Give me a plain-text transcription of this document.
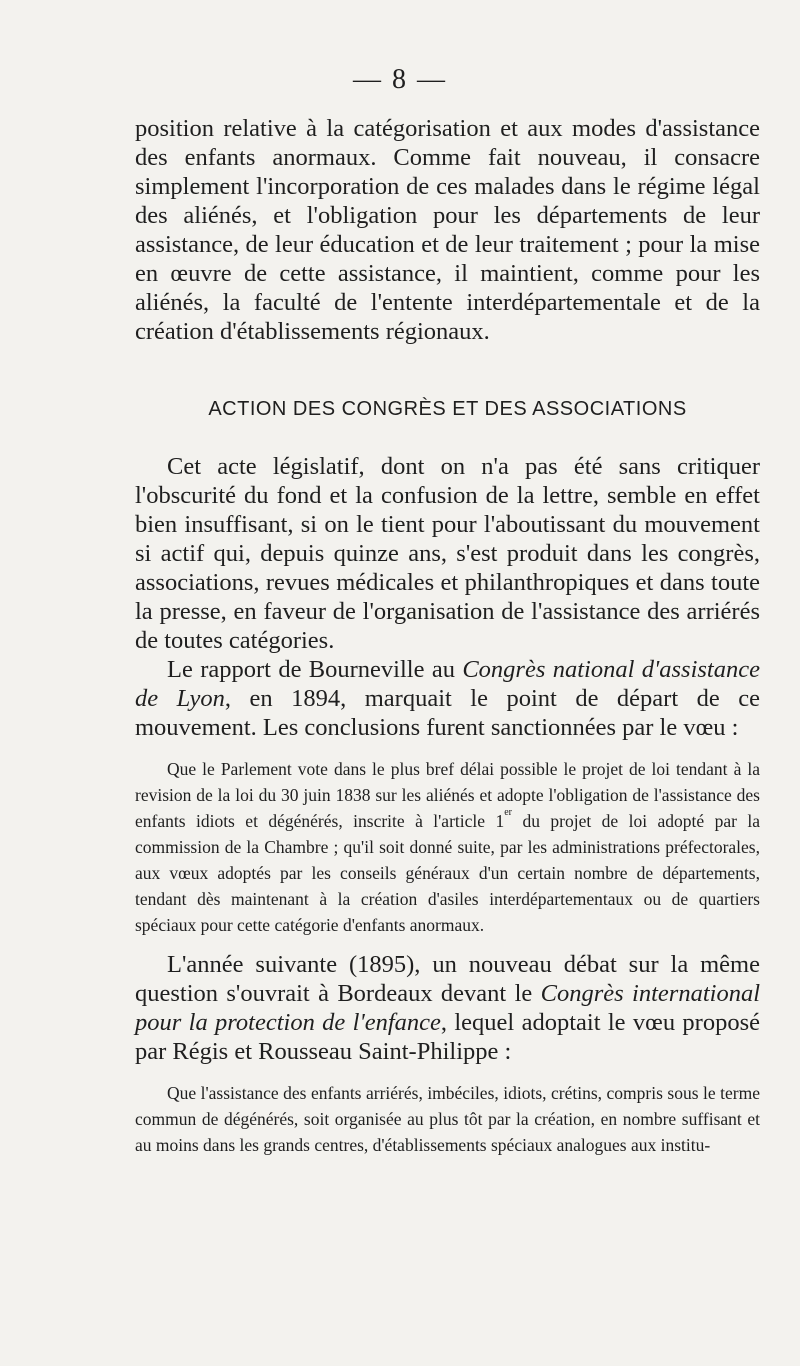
— 8 —

position relative à la catégorisation et aux modes d'assistance des enfants anormaux. Comme fait nouveau, il consacre simplement l'incorporation de ces malades dans le régime légal des aliénés, et l'obligation pour les départements de leur assistance, de leur éducation et de leur traitement ; pour la mise en œuvre de cette assistance, il maintient, comme pour les aliénés, la faculté de l'entente interdépartementale et de la création d'établissements régionaux.

ACTION DES CONGRÈS ET DES ASSOCIATIONS

Cet acte législatif, dont on n'a pas été sans critiquer l'obscurité du fond et la confusion de la lettre, semble en effet bien insuffisant, si on le tient pour l'aboutissant du mouvement si actif qui, depuis quinze ans, s'est produit dans les congrès, associations, revues médicales et philanthropiques et dans toute la presse, en faveur de l'organisation de l'assistance des arriérés de toutes catégories.

Le rapport de Bourneville au Congrès national d'assistance de Lyon, en 1894, marquait le point de départ de ce mouvement. Les conclusions furent sanctionnées par le vœu :

Que le Parlement vote dans le plus bref délai possible le projet de loi tendant à la revision de la loi du 30 juin 1838 sur les aliénés et adopte l'obligation de l'assistance des enfants idiots et dégénérés, inscrite à l'article 1er du projet de loi adopté par la commission de la Chambre ; qu'il soit donné suite, par les administrations préfectorales, aux vœux adoptés par les conseils généraux d'un certain nombre de départements, tendant dès maintenant à la création d'asiles interdépartementaux ou de quartiers spéciaux pour cette catégorie d'enfants anormaux.

L'année suivante (1895), un nouveau débat sur la même question s'ouvrait à Bordeaux devant le Congrès international pour la protection de l'enfance, lequel adoptait le vœu proposé par Régis et Rousseau Saint-Philippe :

Que l'assistance des enfants arriérés, imbéciles, idiots, crétins, compris sous le terme commun de dégénérés, soit organisée au plus tôt par la création, en nombre suffisant et au moins dans les grands centres, d'établissements spéciaux analogues aux institu-
